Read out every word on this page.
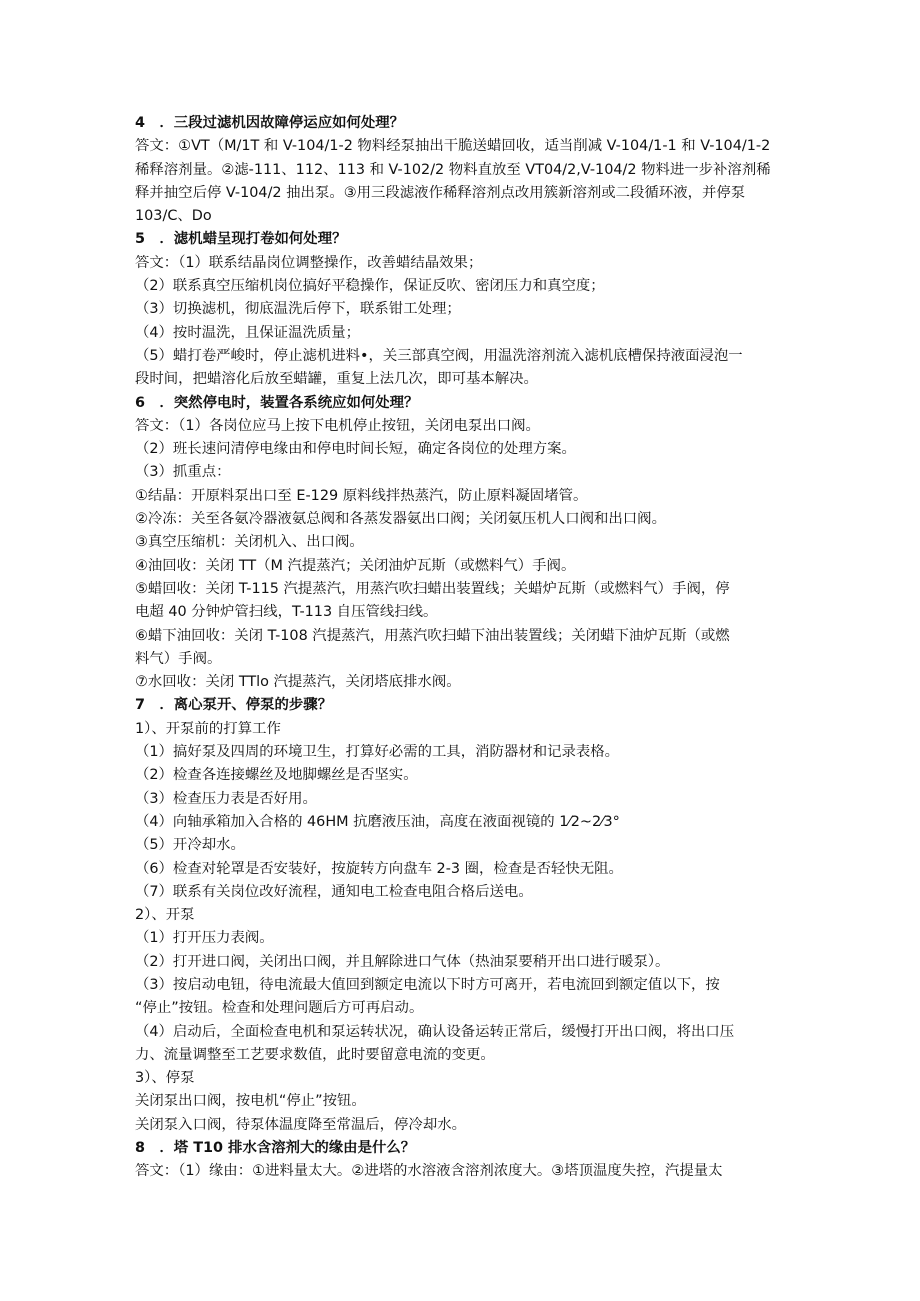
4　．三段过滤机因故障停运应如何处理？
答文：①VT（M/1T 和 V-104/1-2 物料经泵抽出干脆送蜡回收，适当削减 V-104/1-1 和 V-104/1-2
稀释溶剂量。②滤-111、112、113 和 V-102/2 物料直放至 VT04/2,V-104/2 物料进一步补溶剂稀
释并抽空后停 V-104/2 抽出泵。③用三段滤液作稀释溶剂点改用簇新溶剂或二段循环液，并停泵
103/C、Do
5　．滤机蜡呈现打卷如何处理？
答文：（1）联系结晶岗位调整操作，改善蜡结晶效果；
（2）联系真空压缩机岗位搞好平稳操作，保证反吹、密闭压力和真空度；
（3）切换滤机，彻底温洗后停下，联系钳工处理；
（4）按时温洗，且保证温洗质量；
（5）蜡打卷严峻时，停止滤机进料•，关三部真空阀，用温洗溶剂流入滤机底槽保持液面浸泡一
段时间，把蜡溶化后放至蜡罐，重复上法几次，即可基本解决。
6　．突然停电时，装置各系统应如何处理？
答文：（1）各岗位应马上按下电机停止按钮，关闭电泵出口阀。
（2）班长速问清停电缘由和停电时间长短，确定各岗位的处理方案。
（3）抓重点：
①结晶：开原料泵出口至 E-129 原料线拌热蒸汽，防止原料凝固堵管。
②冷冻：关至各氨冷器液氨总阀和各蒸发器氨出口阀；关闭氨压机人口阀和出口阀。
③真空压缩机：关闭机入、出口阀。
④油回收：关闭 TT（M 汽提蒸汽；关闭油炉瓦斯（或燃料气）手阀。
⑤蜡回收：关闭 T-115 汽提蒸汽，用蒸汽吹扫蜡出装置线；关蜡炉瓦斯（或燃料气）手阀，停
电超 40 分钟炉管扫线，T-113 自压管线扫线。
⑥蜡下油回收：关闭 T-108 汽提蒸汽，用蒸汽吹扫蜡下油出装置线；关闭蜡下油炉瓦斯（或燃
料气）手阀。
⑦水回收：关闭 TTlo 汽提蒸汽，关闭塔底排水阀。
7　．离心泵开、停泵的步骤？
1）、开泵前的打算工作
（1）搞好泵及四周的环境卫生，打算好必需的工具，消防器材和记录表格。
（2）检查各连接螺丝及地脚螺丝是否坚实。
（3）检查压力表是否好用。
（4）向轴承箱加入合格的 46HM 抗磨液压油，高度在液面视镜的 1⁄2~2⁄3°
（5）开冷却水。
（6）检查对轮罩是否安装好，按旋转方向盘车 2-3 圈，检查是否轻快无阻。
（7）联系有关岗位改好流程，通知电工检查电阻合格后送电。
2）、开泵
（1）打开压力表阀。
（2）打开进口阀，关闭出口阀，并且解除进口气体（热油泵要稍开出口进行暖泵）。
（3）按启动电钮，待电流最大值回到额定电流以下时方可离开，若电流回到额定值以下，按
“停止”按钮。检查和处理问题后方可再启动。
（4）启动后，全面检查电机和泵运转状况，确认设备运转正常后，缓慢打开出口阀，将出口压
力、流量调整至工艺要求数值，此时要留意电流的变更。
3）、停泵
关闭泵出口阀，按电机“停止”按钮。
关闭泵入口阀，待泵体温度降至常温后，停冷却水。
8　．塔 T10 排水含溶剂大的缘由是什么？
答文：（1）缘由：①进料量太大。②进塔的水溶液含溶剂浓度大。③塔顶温度失控，汽提量太
